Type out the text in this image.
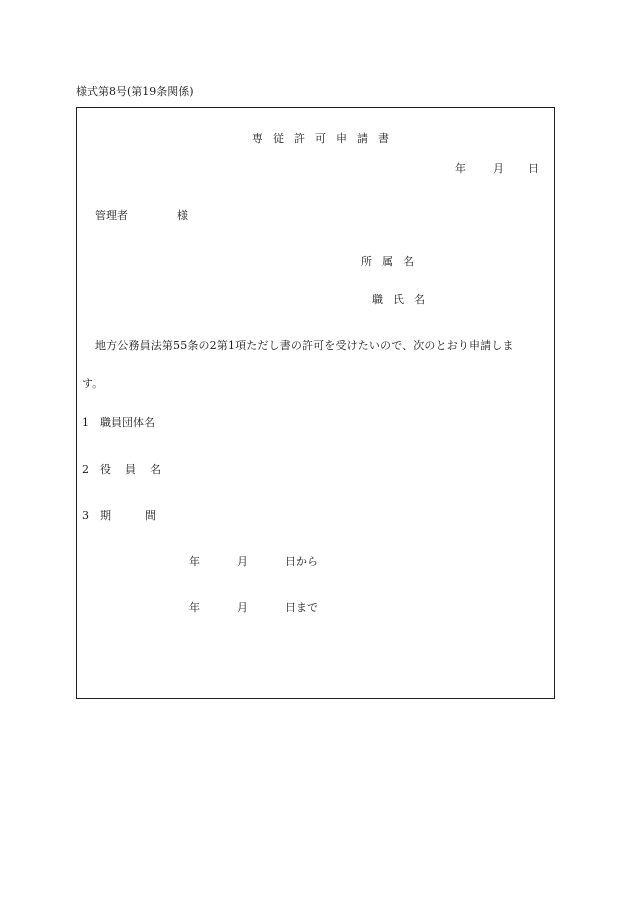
様式第8号(第19条関係)
専従許可申請書
年 月 日
管理者	様
所属名
職氏名
地方公務員法第55条の2第1項ただし書の許可を受けたいので、次のとおり申請しま
す。
1 職員団体名
2 役員名
3 期間
年	月	日から
年	月	日まで
